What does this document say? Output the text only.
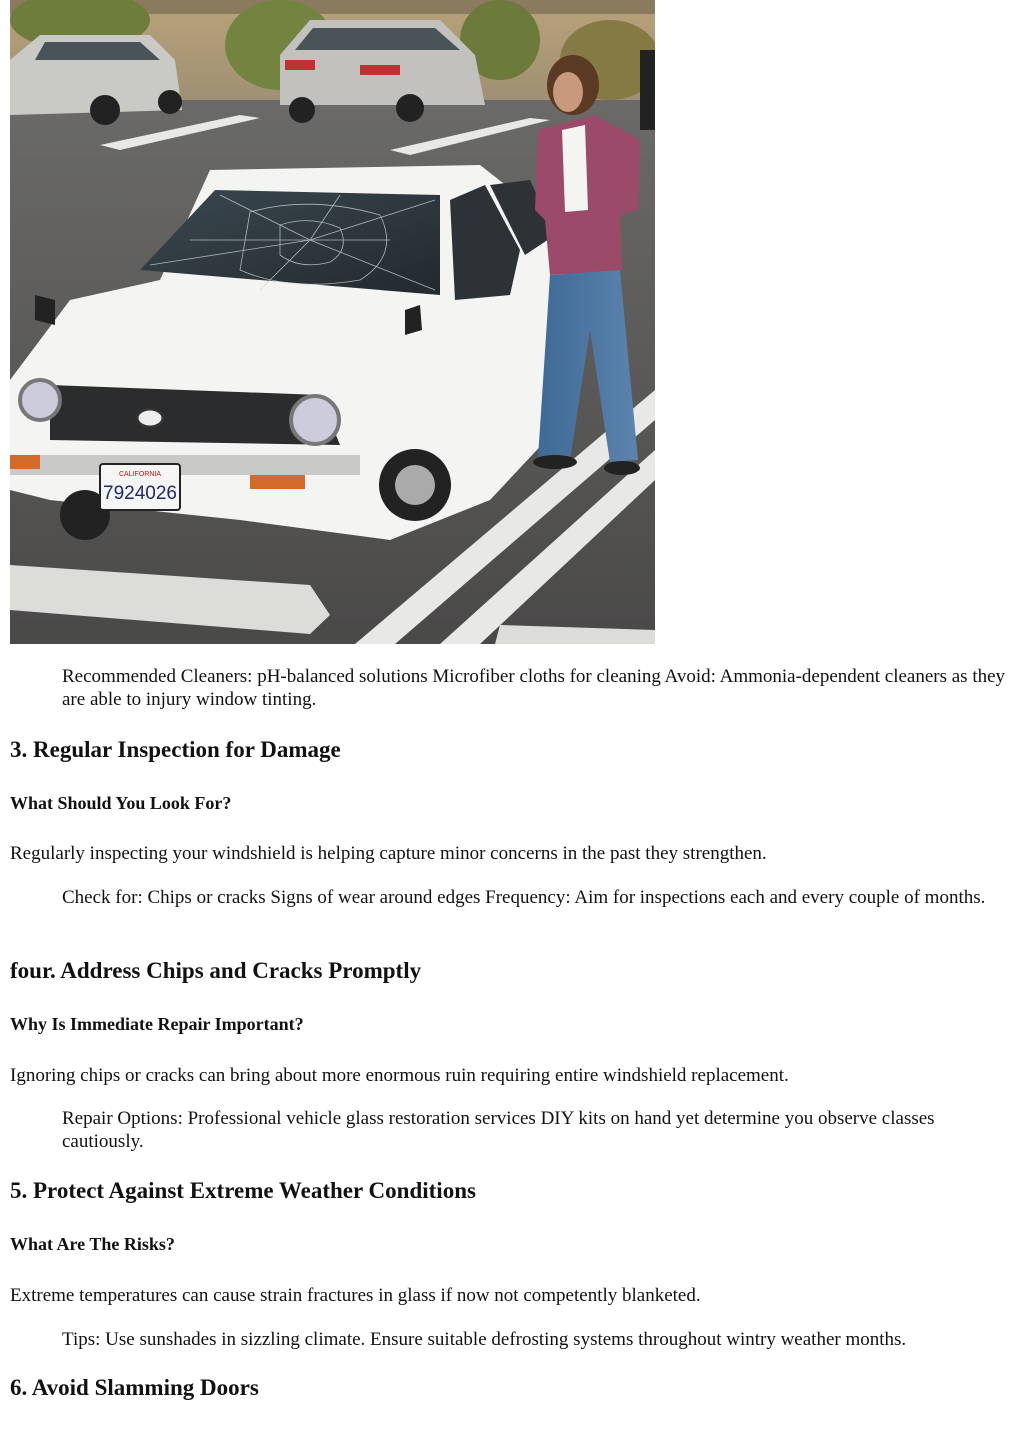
CALIFORNIA
7924026

Recommended Cleaners: pH-balanced solutions Microfiber cloths for cleaning Avoid: Ammonia-dependent cleaners as they are able to injury window tinting.

3. Regular Inspection for Damage
What Should You Look For?

Regularly inspecting your windshield is helping capture minor concerns in the past they strengthen.

Check for: Chips or cracks Signs of wear around edges Frequency: Aim for inspections each and every couple of months.

four. Address Chips and Cracks Promptly
Why Is Immediate Repair Important?

Ignoring chips or cracks can bring about more enormous ruin requiring entire windshield replacement.

Repair Options: Professional vehicle glass restoration services DIY kits on hand yet determine you observe classes cautiously.

5. Protect Against Extreme Weather Conditions
What Are The Risks?

Extreme temperatures can cause strain fractures in glass if now not competently blanketed.

Tips: Use sunshades in sizzling climate. Ensure suitable defrosting systems throughout wintry weather months.

6. Avoid Slamming Doors
